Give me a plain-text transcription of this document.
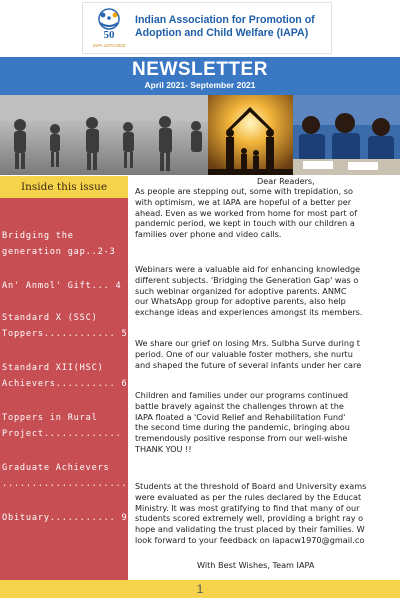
50
IAPA 1970-2020
Indian Association for Promotion of
Adoption and Child Welfare (IAPA)
NEWSLETTER
April 2021- September 2021
Inside this issue
Bridging the
generation gap..2-3
An' Anmol' Gift... 4
Standard X (SSC)
Toppers............ 5
Standard XII(HSC)
Achievers.......... 6
Toppers in Rural
Project............. 7
Graduate Achievers
...........................8
Obituary........... 9
Dear Readers,
As people are stepping out, some with trepidation, so
with optimism, we at IAPA are hopeful of a better per
ahead. Even as we worked from home for most part of
pandemic period, we kept in touch with our children a
families over phone and video calls.
Webinars were a valuable aid for enhancing knowledge
different subjects. 'Bridging the Generation Gap' was o
such webinar organized for adoptive parents. ANMC
our WhatsApp group for adoptive parents, also help
exchange ideas and experiences amongst its members.
We share our grief on losing Mrs. Sulbha Surve during t
period. One of our valuable foster mothers, she nurtu
and shaped the future of several infants under her care
Children and families under our programs continued
battle bravely against the challenges thrown at the
IAPA floated a 'Covid Relief and Rehabilitation Fund'
the second time during the pandemic, bringing abou
tremendously positive response from our well-wishe
THANK YOU !!
Students at the threshold of Board and University exams
were evaluated as per the rules declared by the Educat
Ministry. It was most gratifying to find that many of our
students scored extremely well, providing a bright ray o
hope and validating the trust placed by their families. W
look forward to your feedback on iapacw1970@gmail.co
With Best Wishes, Team IAPA
1
